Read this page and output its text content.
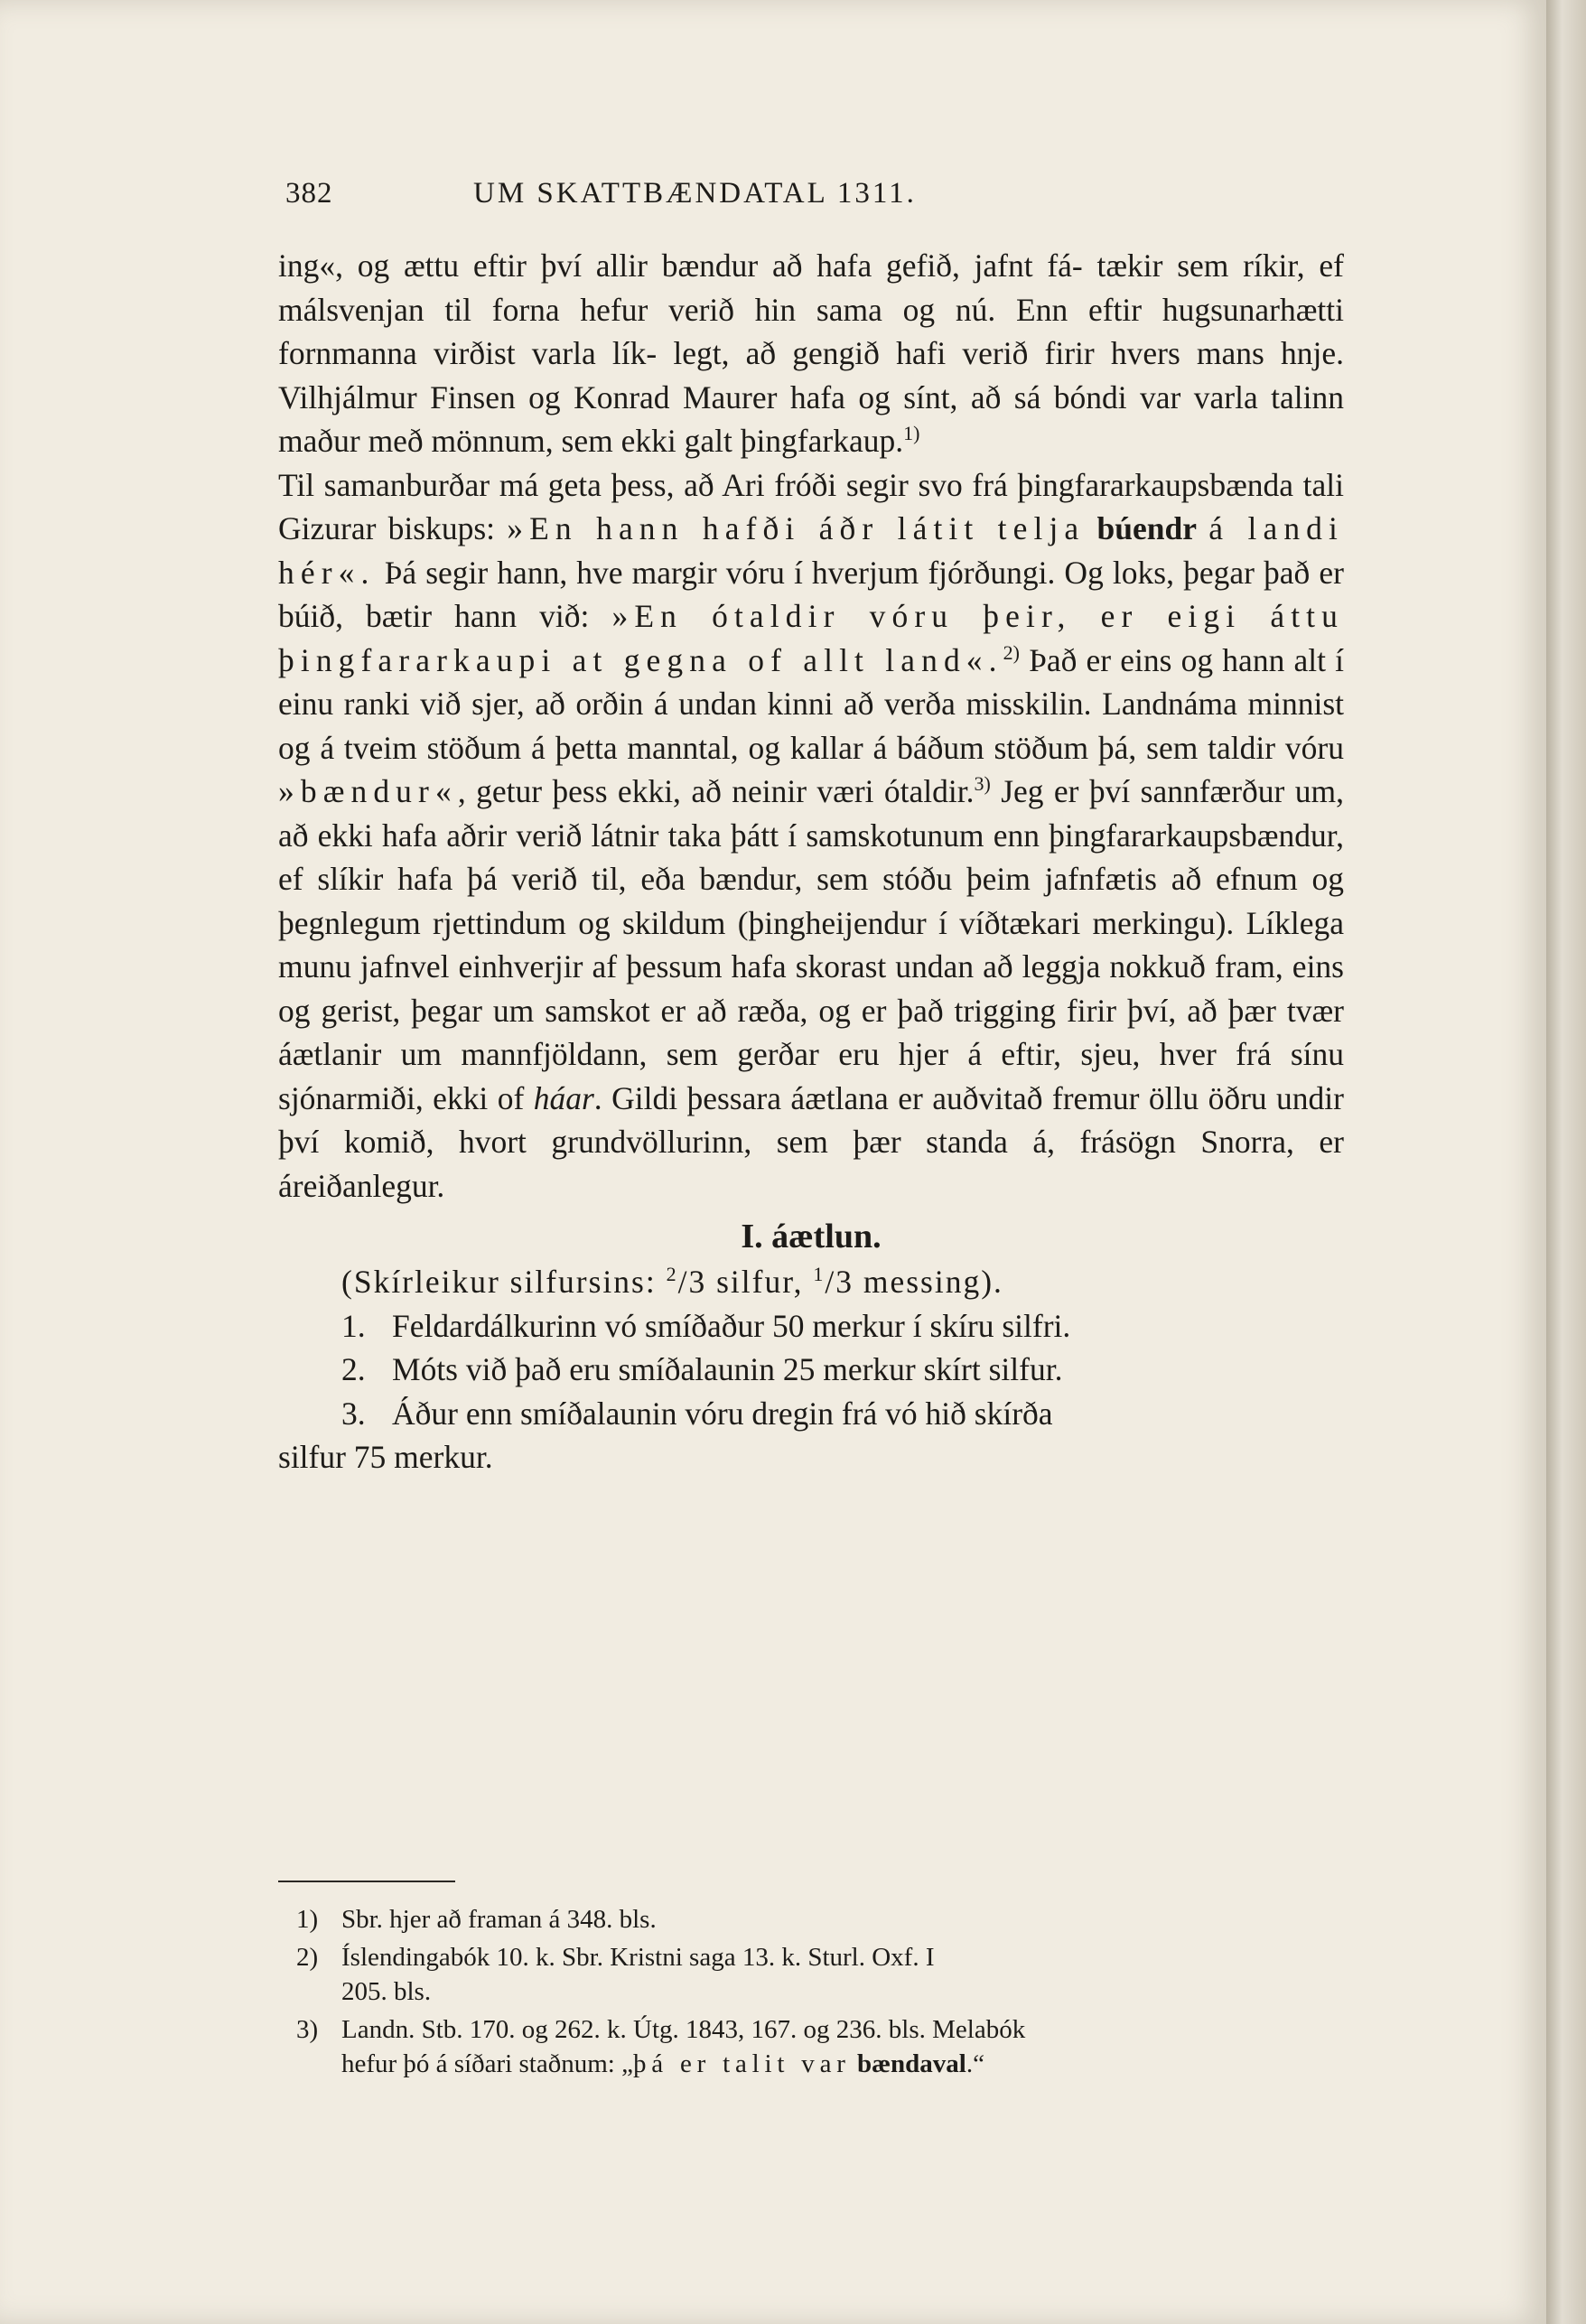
382	UM SKATTBÆNDATAL 1311.

ing«, og ættu eftir því allir bændur að hafa gefið, jafnt fá- tækir sem ríkir, ef málsvenjan til forna hefur verið hin sama og nú. Enn eftir hugsunarhætti fornmanna virðist varla lík- legt, að gengið hafi verið firir hvers mans hnje. Vilhjálmur Finsen og Konrad Maurer hafa og sínt, að sá bóndi var varla talinn maður með mönnum, sem ekki galt þingfarkaup.$^{1)}$

Til samanburðar má geta þess, að Ari fróði segir svo frá þingfararkaupsbænda tali Gizurar biskups: »En hann hafði áðr látit telja búendr á landi hér«. Þá segir hann, hve margir vóru í hverjum fjórðungi. Og loks, þegar það er búið, bætir hann við: »En ótaldir vóru þeir, er eigi áttu þingfararkaupi at gegna of allt land«.$^{2)}$ Það er eins og hann alt í einu ranki við sjer, að orðin á undan kinni að verða misskilin. Landnáma minnist og á tveim stöðum á þetta manntal, og kallar á báðum stöðum þá, sem taldir vóru »bændur«, getur þess ekki, að neinir væri ótaldir.$^{3)}$ Jeg er því sannfærður um, að ekki hafa aðrir verið látnir taka þátt í samskotunum enn þingfararkaupsbændur, ef slíkir hafa þá verið til, eða bændur, sem stóðu þeim jafnfætis að efnum og þegnlegum rjettindum og skildum (þingheijendur í víðtækari merkingu). Líklega munu jafnvel einhverjir af þessum hafa skorast undan að leggja nokkuð fram, eins og gerist, þegar um samskot er að ræða, og er það trigging firir því, að þær tvær áætlanir um mannfjöldann, sem gerðar eru hjer á eftir, sjeu, hver frá sínu sjónarmiði, ekki of háar. Gildi þessara áætlana er auðvitað fremur öllu öðru undir því komið, hvort grundvöllurinn, sem þær standa á, frásögn Snorra, er áreiðanlegur.

I. áætlun.

(Skírleikur silfursins: $^2$/3 silfur, $^1$/3 messing).

1. Feldardálkurinn vó smíðaður 50 merkur í skíru silfri.

2. Móts við það eru smíðalaunin 25 merkur skírt silfur.

3. Áður enn smíðalaunin vóru dregin frá vó hið skírða

silfur 75 merkur.

1) Sbr. hjer að framan á 348. bls.
2) Íslendingabók 10. k. Sbr. Kristni saga 13. k. Sturl. Oxf. I
205. bls.
3) Landn. Stb. 170. og 262. k. Útg. 1843, 167. og 236. bls. Melabók
hefur þó á síðari staðnum: „þá er talit var bændaval.“
